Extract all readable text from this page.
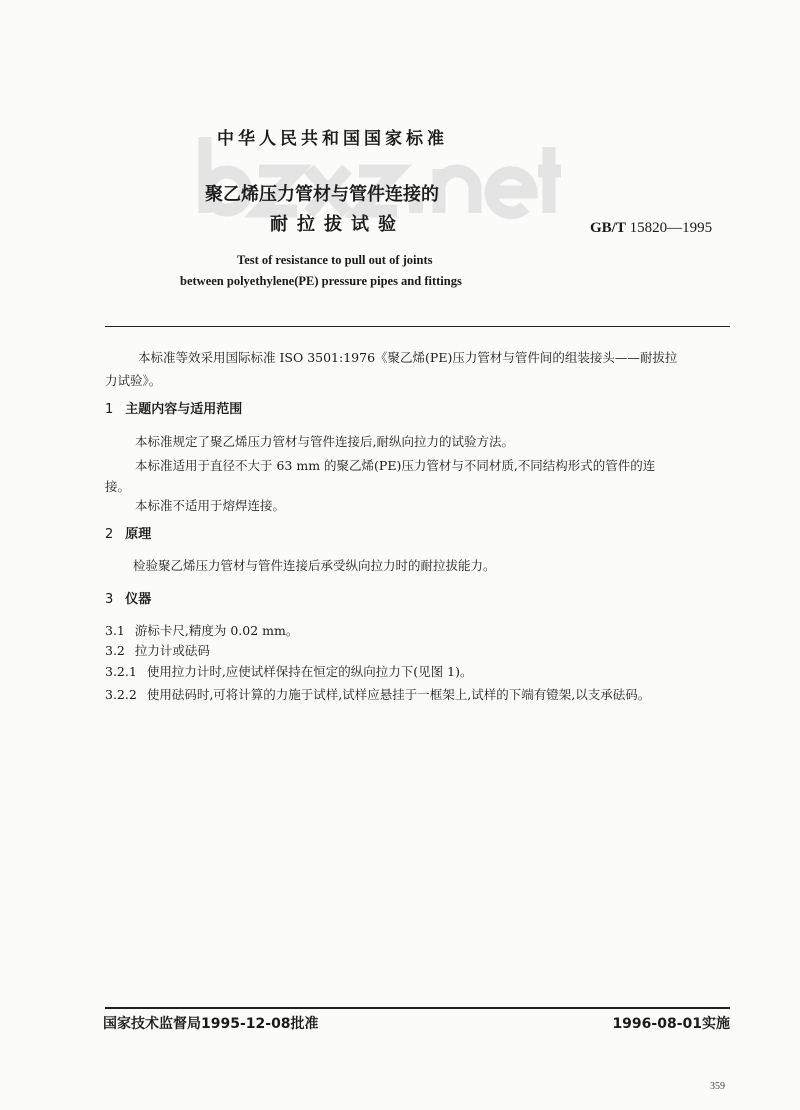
中华人民共和国国家标准
聚乙烯压力管材与管件连接的
耐拉拔试验	GB/T 15820—1995
Test of resistance to pull out of joints
between polyethylene(PE) pressure pipes and fittings
本标准等效采用国际标准 ISO 3501:1976《聚乙烯(PE)压力管材与管件间的组装接头——耐拔拉
力试验》。
1 主题内容与适用范围
本标准规定了聚乙烯压力管材与管件连接后,耐纵向拉力的试验方法。
本标准适用于直径不大于 63 mm 的聚乙烯(PE)压力管材与不同材质,不同结构形式的管件的连
接。
本标准不适用于熔焊连接。
2 原理
检验聚乙烯压力管材与管件连接后承受纵向拉力时的耐拉拔能力。
3 仪器
3.1 游标卡尺,精度为 0.02 mm。
3.2 拉力计或砝码
3.2.1 使用拉力计时,应使试样保持在恒定的纵向拉力下(见图 1)。
3.2.2 使用砝码时,可将计算的力施于试样,试样应悬挂于一框架上,试样的下端有镫架,以支承砝码。
国家技术监督局1995-12-08批准	1996-08-01实施
359
